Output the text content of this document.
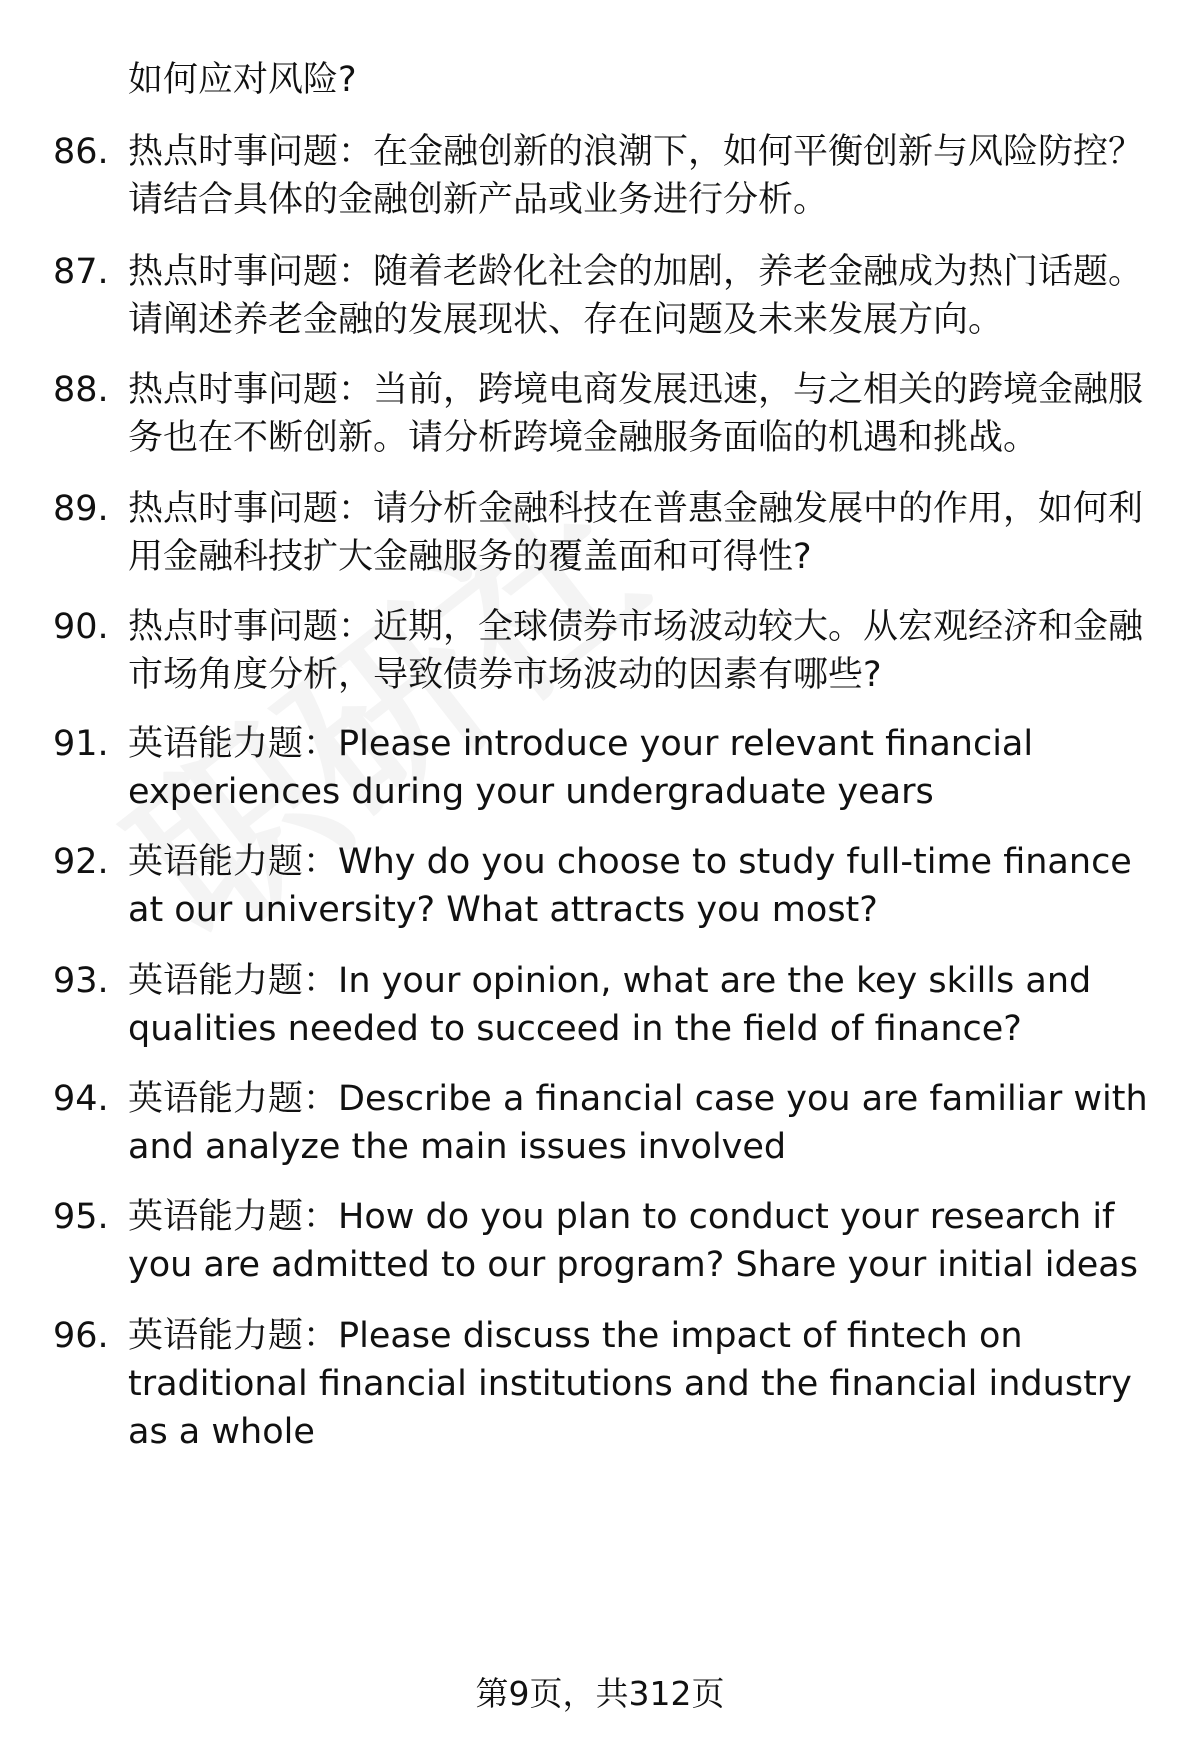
如何应对风险?
86. 热点时事问题：在金融创新的浪潮下，如何平衡创新与风险防控？请结合具体的金融创新产品或业务进行分析。
87. 热点时事问题：随着老龄化社会的加剧，养老金融成为热门话题。请阐述养老金融的发展现状、存在问题及未来发展方向。
88. 热点时事问题：当前，跨境电商发展迅速，与之相关的跨境金融服务也在不断创新。请分析跨境金融服务面临的机遇和挑战。
89. 热点时事问题：请分析金融科技在普惠金融发展中的作用，如何利用金融科技扩大金融服务的覆盖面和可得性?
90. 热点时事问题：近期，全球债券市场波动较大。从宏观经济和金融市场角度分析，导致债券市场波动的因素有哪些?
91. 英语能力题：Please introduce your relevant financial experiences during your undergraduate years
92. 英语能力题：Why do you choose to study full-time finance at our university? What attracts you most?
93. 英语能力题：In your opinion, what are the key skills and qualities needed to succeed in the field of finance?
94. 英语能力题：Describe a financial case you are familiar with and analyze the main issues involved
95. 英语能力题：How do you plan to conduct your research if you are admitted to our program? Share your initial ideas
96. 英语能力题：Please discuss the impact of fintech on traditional financial institutions and the financial industry as a whole
第9页，共312页
